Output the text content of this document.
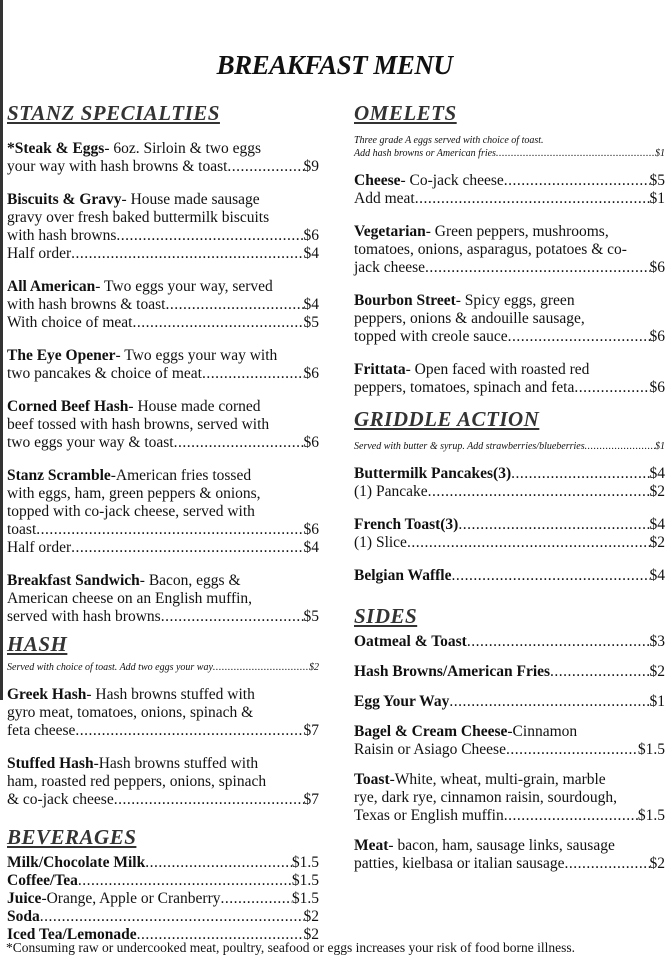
BREAKFAST MENU
STANZ SPECIALTIES
*Steak & Eggs - 6oz. Sirloin & two eggs
your way with hash browns & toast .....	$9
Biscuits & Gravy - House made sausage
gravy over fresh baked buttermilk biscuits
with hash browns .....	$6
Half order .....	$4
All American - Two eggs your way, served
with hash browns & toast .....	$4
With choice of meat .....	$5
The Eye Opener - Two eggs your way with
two pancakes & choice of meat .....	$6
Corned Beef Hash - House made corned
beef tossed with hash browns, served with
two eggs your way & toast .....	$6
Stanz Scramble -American fries tossed
with eggs, ham, green peppers & onions,
topped with co-jack cheese, served with
toast .....	$6
Half order .....	$4
Breakfast Sandwich - Bacon, eggs &
American cheese on an English muffin,
served with hash browns .....	$5
HASH
Served with choice of toast. Add two eggs your way .....	$2
Greek Hash - Hash browns stuffed with
gyro meat, tomatoes, onions, spinach &
feta cheese .....	$7
Stuffed Hash -Hash browns stuffed with
ham, roasted red peppers, onions, spinach
& co-jack cheese .....	$7
BEVERAGES
Milk/Chocolate Milk .....	$1.5
Coffee/Tea .....	$1.5
Juice -Orange, Apple or Cranberry .....	$1.5
Soda .....	$2
Iced Tea/Lemonade .....	$2
OMELETS
Three grade A eggs served with choice of toast.
Add hash browns or American fries .....	$1
Cheese - Co-jack cheese .....	$5
Add meat .....	$1
Vegetarian - Green peppers, mushrooms,
tomatoes, onions, asparagus, potatoes & co-
jack cheese .....	$6
Bourbon Street - Spicy eggs, green
peppers, onions & andouille sausage,
topped with creole sauce .....	$6
Frittata - Open faced with roasted red
peppers, tomatoes, spinach and feta .....	$6
GRIDDLE ACTION
Served with butter & syrup. Add strawberries/blueberries .....	$1
Buttermilk Pancakes(3) .....	$4
(1) Pancake .....	$2
French Toast(3) .....	$4
(1) Slice .....	$2
Belgian Waffle .....	$4
SIDES
Oatmeal & Toast .....	$3
Hash Browns/American Fries .....	$2
Egg Your Way .....	$1
Bagel & Cream Cheese -Cinnamon
Raisin or Asiago Cheese .....	$1.5
Toast -White, wheat, multi-grain, marble
rye, dark rye, cinnamon raisin, sourdough,
Texas or English muffin .....	$1.5
Meat - bacon, ham, sausage links, sausage
patties, kielbasa or italian sausage .....	$2
*Consuming raw or undercooked meat, poultry, seafood or eggs increases your risk of food borne illness.
